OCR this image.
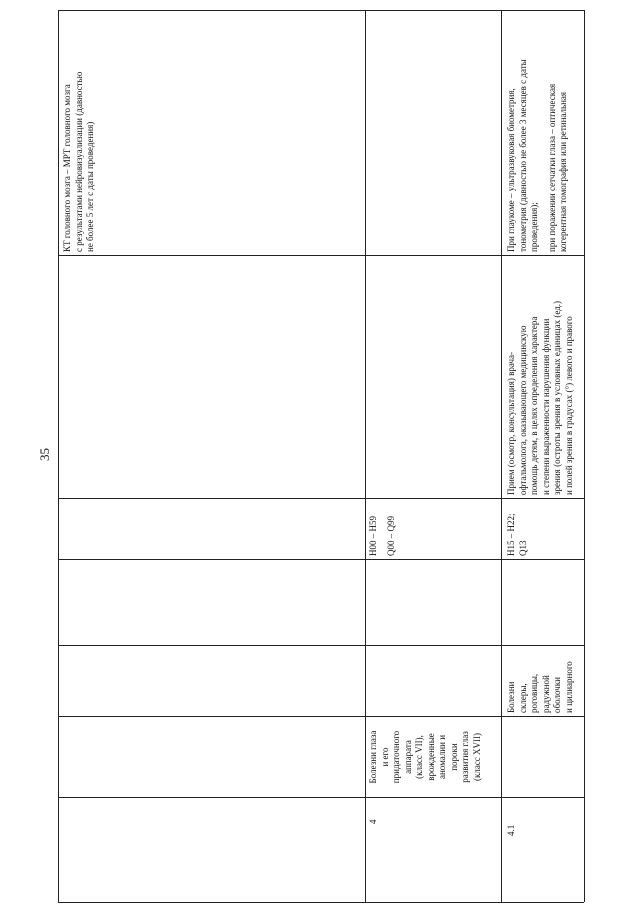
35

КТ головного мозга – МРТ головного мозга с результатами нейровизуализации (давностью не более 5 лет с даты проведения)

4

Болезни глаза и его придаточного аппарата (класс VII), врожденные аномалии и пороки развития глаз (класс XVII)

H00 – H59 Q00 – Q99

4.1

Болезни склеры, роговицы, радужной оболочки и цилиарного

H15 – H22; Q13

Прием (осмотр, консультация) врача- офтальмолога, оказывающего медицинскую помощь детям, в целях определения характера и степени выраженности нарушения функции зрения (остроты зрения в условных единицах (ед.) и полей зрения в градусах (°) левого и правого

При глаукоме – ультразвуковая биометрия, тонометрия (давностью не более 3 месяцев с даты проведения); при поражении сетчатки глаза – оптическая когерентная томография или ретинальная
